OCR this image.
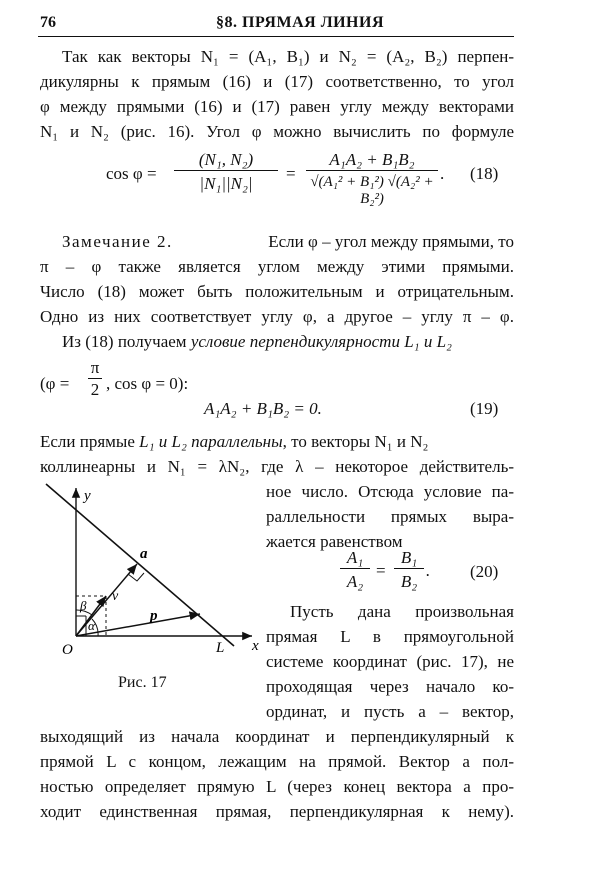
76	§8. ПРЯМАЯ ЛИНИЯ
Так как векторы N₁ = (A₁, B₁) и N₂ = (A₂, B₂) перпен-
дикулярны к прямым (16) и (17) соответственно, то угол
φ между прямыми (16) и (17) равен углу между векторами
N₁ и N₂ (рис. 16). Угол φ можно вычислить по формуле
cos φ =
(N₁, N₂)
|N₁||N₂|
=
A₁A₂ + B₁B₂
√(A₁² + B₁²) √(A₂² + B₂²)
. (18)
Замечание 2.	Если φ – угол между прямыми, то
π – φ также является углом между этими прямыми.
Число (18) может быть положительным и отрицательным.
Одно из них соответствует углу φ, а другое – углу π – φ.
Из (18) получаем условие перпендикулярности L₁ и L₂
(φ =
π
2 , cos φ = 0):
A₁A₂ + B₁B₂ = 0.	(19)
Если прямые L₁ и L₂ параллельны , то векторы N₁ и N₂
коллинеарны и N₁ = λN₂, где λ – некоторое действитель-
ное число. Отсюда условие па-
раллельности прямых выра-
жается равенством
A₁
A₂
=
B₁
B₂
. (20)
Пусть дана произвольная
прямая L в прямоугольной
системе координат (рис. 17), не
проходящая через начало ко-
ординат, и пусть a – вектор,
выходящий из начала координат и перпендикулярный к
прямой L с концом, лежащим на прямой. Вектор a пол-
ностью определяет прямую L (через конец вектора a про-
ходит единственная прямая, перпендикулярная к нему).
y
x
O	L
a
v
p
β
α
Рис. 17
